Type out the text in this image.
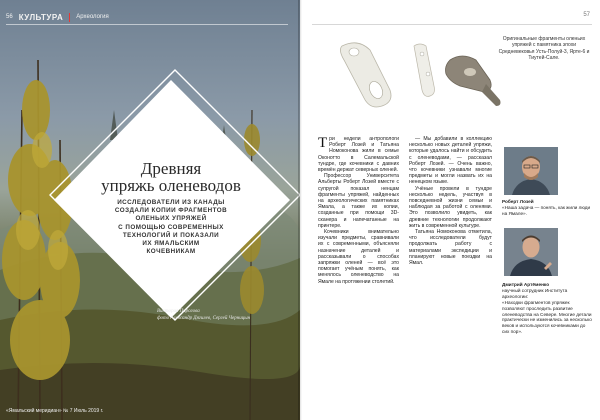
Древняя
упряжь оленеводов
ИССЛЕДОВАТЕЛИ ИЗ КАНАДЫ
СОЗДАЛИ КОПИИ ФРАГМЕНТОВ
ОЛЕНЬИХ УПРЯЖЕЙ
С ПОМОЩЬЮ СОВРЕМЕННЫХ
ТЕХНОЛОГИЙ И ПОКАЗАЛИ
ИХ ЯМАЛЬСКИМ
КОЧЕВНИКАМ
Виктория Пирогова
фото Александр Дягилев, Сергей Черницын
«Ямальский меридиан» № 7 Июль 2019 г.
56 КУЛЬТУРА Археология	57
Оригинальные фрагменты оленьих упряжей с памятника эпохи Средневековья Усть-Полуй-3, Ярте-6 и Тиутей-Сале.

Три недели антропологи Роберт Лозей и Татьяна Номоконова жили в семье Оконотто в Салемальской тундре, где кочевники с давних времён держат северных оленей.

Профессор Университета Альберты Роберт Лозей вместе с супругой показал ненцам фрагменты упряжей, найденных на археологических памятниках Ямала, а также их копии, созданные при помощи 3D-сканера и напечатанные на принтере.

Кочевники внимательно изучали предметы, сравнивали их с современными, объясняли назначение деталей и рассказывали о способах запряжки оленей — всё это помогает учёным понять, как менялось оленеводство на Ямале на протяжении столетий.

— Мы добавили в коллекцию несколько новых деталей упряжи, которые удалось найти и обсудить с оленеводами, — рассказал Роберт Лозей. — Очень важно, что кочевники узнавали многие предметы и могли назвать их на ненецком языке.

Учёные провели в тундре несколько недель, участвуя в повседневной жизни семьи и наблюдая за работой с оленями. Это позволило увидеть, как древние технологии продолжают жить в современной культуре.

Татьяна Номоконова отметила, что исследователи будут продолжать работу с материалами экспедиции и планируют новые поездки на Ямал.

Роберт Лозей

«Наша задача — понять, как жили люди на Ямале».

Дмитрий Артёменко

научный сотрудник Института археологии:

«Находки фрагментов упряжек позволяют проследить развитие оленеводства на Севере. Многие детали практически не изменились за несколько веков и используются кочевниками до сих пор».
